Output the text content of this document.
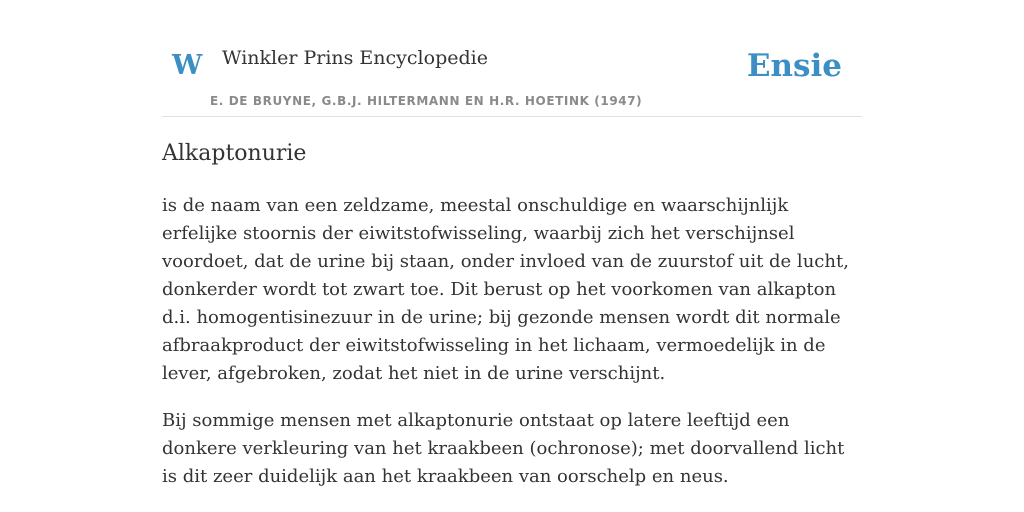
W Winkler Prins Encyclopedie
E. DE BRUYNE, G.B.J. HILTERMANN EN H.R. HOETINK (1947)
Ensie
Alkaptonurie

is de naam van een zeldzame, meestal onschuldige en waarschijnlijk erfelijke stoornis der eiwitstofwisseling, waarbij zich het verschijnsel voordoet, dat de urine bij staan, onder invloed van de zuurstof uit de lucht, donkerder wordt tot zwart toe. Dit berust op het voorkomen van alkapton d.i. homogentisinezuur in de urine; bij gezonde mensen wordt dit normale afbraakproduct der eiwitstofwisseling in het lichaam, vermoedelijk in de lever, afgebroken, zodat het niet in de urine verschijnt.

Bij sommige mensen met alkaptonurie ontstaat op latere leeftijd een donkere verkleuring van het kraakbeen (ochronose); met doorvallend licht is dit zeer duidelijk aan het kraakbeen van oorschelp en neus.
